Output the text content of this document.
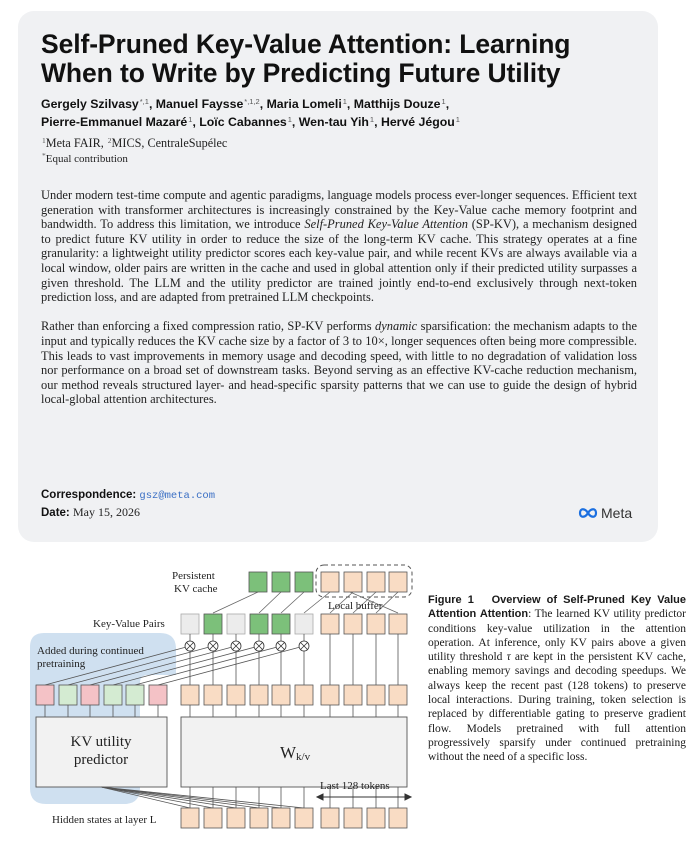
Self-Pruned Key-Value Attention: Learning When to Write by Predicting Future Utility
Gergely Szilvasy$^{*,1}$, Manuel Faysse$^{*,1,2}$, Maria Lomeli$^1$, Matthijs Douze$^1$,
Pierre-Emmanuel Mazaré$^1$, Loïc Cabannes$^1$, Wen-tau Yih$^1$, Hervé Jégou$^1$
$^1$Meta FAIR, $^2$MICS, CentraleSupélec
*Equal contribution

Under modern test-time compute and agentic paradigms, language models process ever-longer sequences. Efficient text generation with transformer architectures is increasingly constrained by the Key-Value cache memory footprint and bandwidth. To address this limitation, we introduce Self-Pruned Key-Value Attention (SP-KV), a mechanism designed to predict future KV utility in order to reduce the size of the long-term KV cache. This strategy operates at a fine granularity: a lightweight utility predictor scores each key-value pair, and while recent KVs are always available via a local window, older pairs are written in the cache and used in global attention only if their predicted utility surpasses a given threshold. The LLM and the utility predictor are trained jointly end-to-end exclusively through next-token prediction loss, and are adapted from pretrained LLM checkpoints.

Rather than enforcing a fixed compression ratio, SP-KV performs dynamic sparsification: the mechanism adapts to the input and typically reduces the KV cache size by a factor of 3 to 10×, longer sequences often being more compressible. This leads to vast improvements in memory usage and decoding speed, with little to no degradation of validation loss nor performance on a broad set of downstream tasks. Beyond serving as an effective KV-cache reduction mechanism, our method reveals structured layer- and head-specific sparsity patterns that we can use to guide the design of hybrid local-global attention architectures.

Correspondence: gsz@meta.com
Date: May 15, 2026	Meta
Local buffer
Persistent
KV cache
Key-Value Pairs
Added during continued
pretraining
KV utility
predictor	Wk/v
Last 128 tokens
Hidden states at layer L
Figure 1 Overview of Self-Pruned Key Value Attention Attention: The learned KV utility predictor conditions key-value utilization in the attention operation. At inference, only KV pairs above a given utility threshold τ are kept in the persistent KV cache, enabling memory savings and decoding speedups. We always keep the recent past (128 tokens) to preserve local interactions. During training, token selection is replaced by differentiable gating to preserve gradient flow. Models pretrained with full attention progressively sparsify under continued pretraining without the need of a specific loss.
